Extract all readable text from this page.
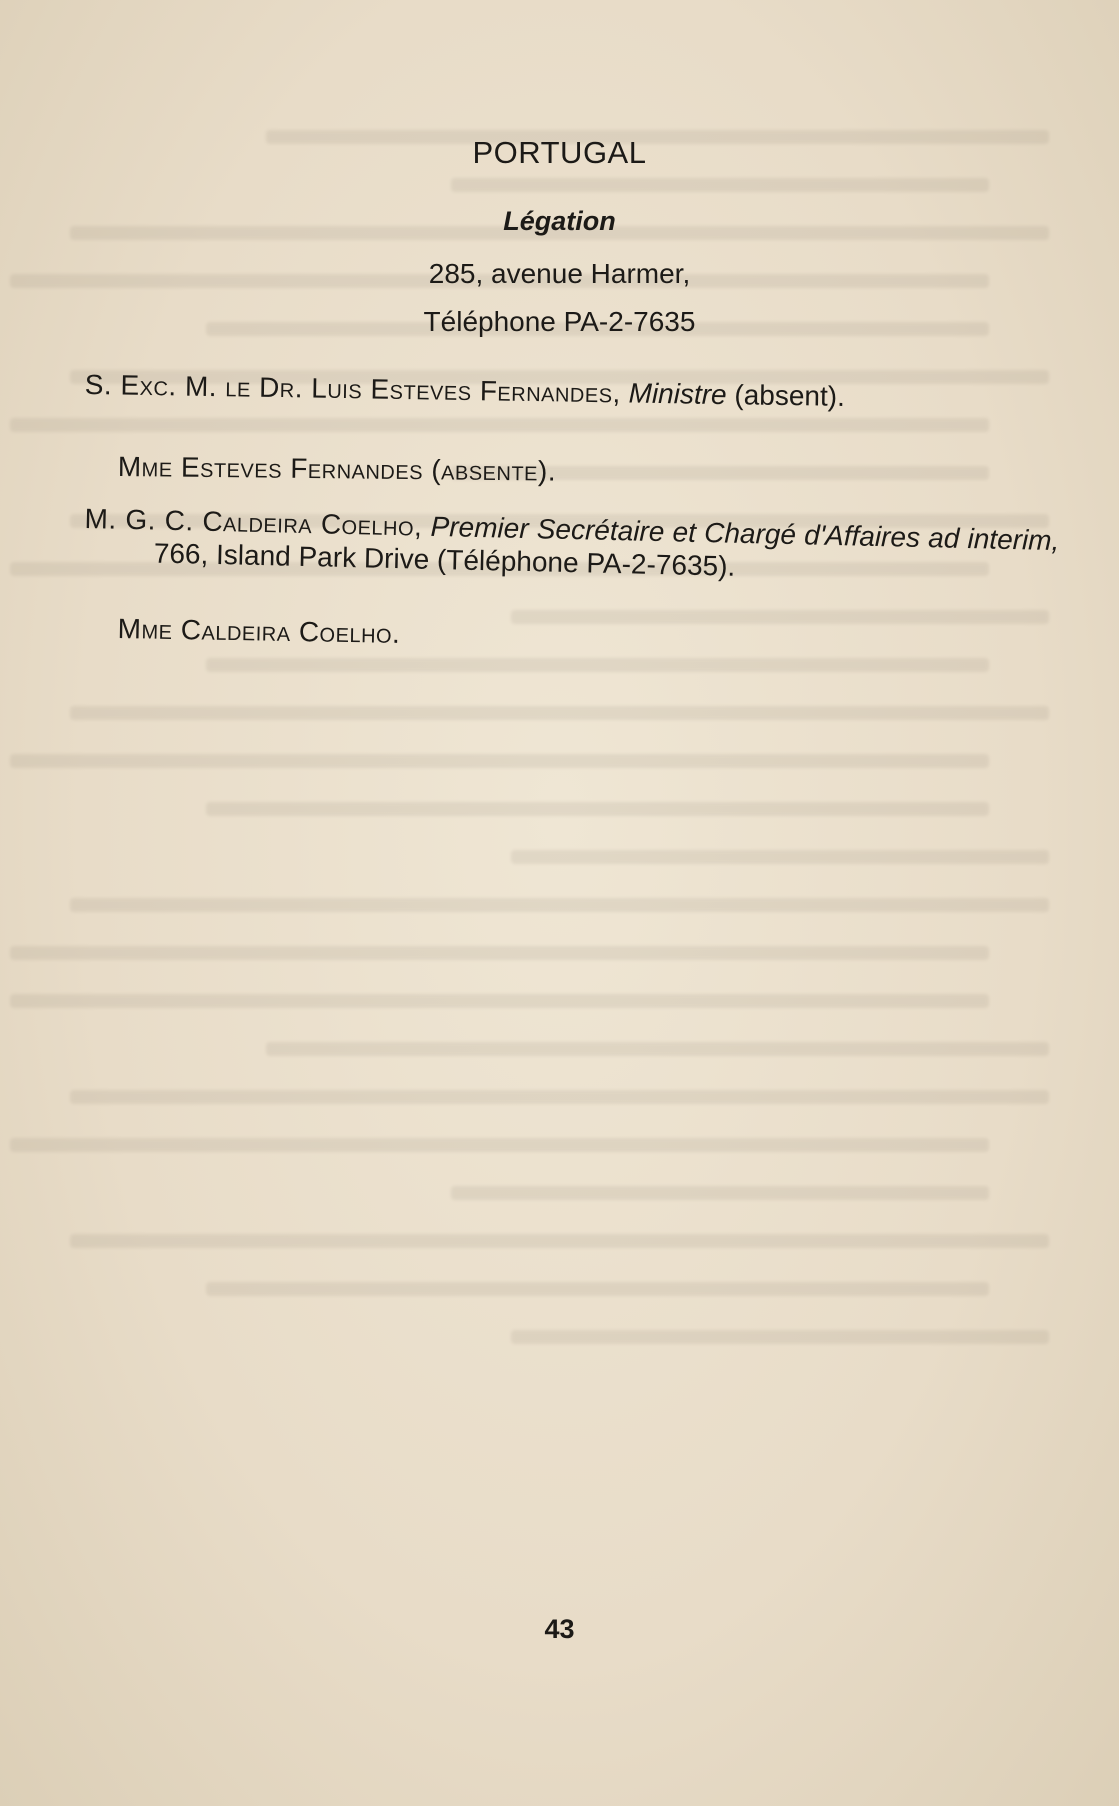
PORTUGAL
Légation
285, avenue Harmer,
Téléphone PA-2-7635
S. Exc. M. le Dr. Luis Esteves Fernandes, Ministre (absent).
Mme Esteves Fernandes (absente).
M. G. C. Caldeira Coelho, Premier Secrétaire et Chargé d'Affaires ad interim, 766, Island Park Drive (Téléphone PA-2-7635).
Mme Caldeira Coelho.
43
